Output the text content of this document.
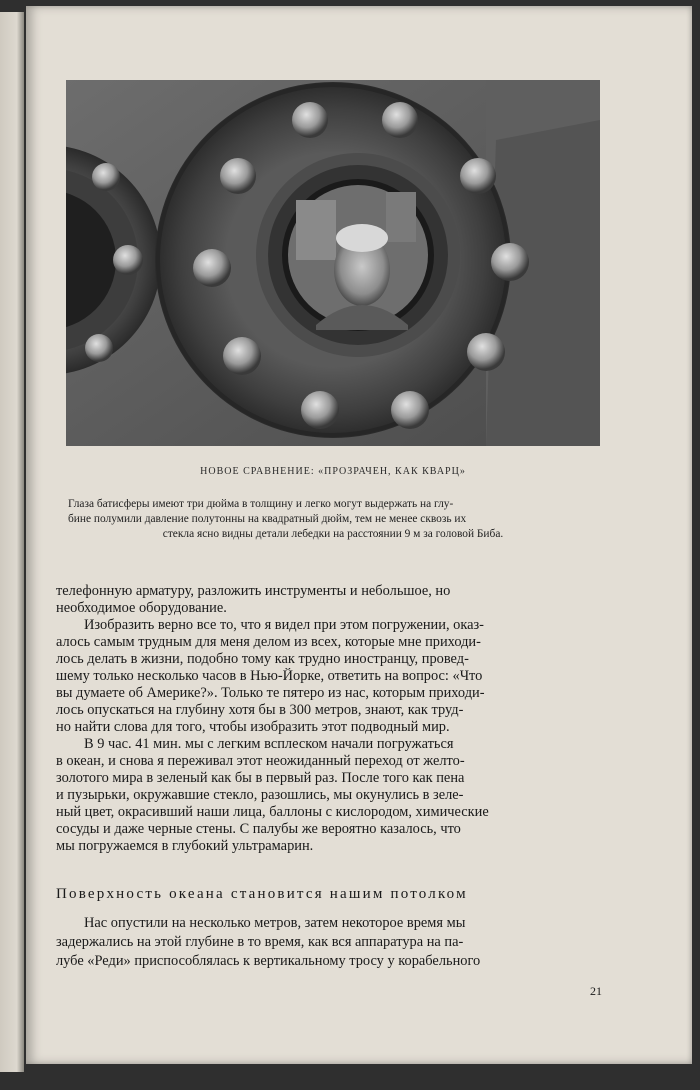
НОВОЕ СРАВНЕНИЕ: «ПРОЗРАЧЕН, КАК КВАРЦ»
Глаза батисферы имеют три дюйма в толщину и легко могут выдержать на глу-
бине полумили давление полутонны на квадратный дюйм, тем не менее сквозь их
стекла ясно видны детали лебедки на расстоянии 9 м за головой Биба.
телефонную арматуру, разложить инструменты и небольшое, но
необходимое оборудование.
Изобразить верно все то, что я видел при этом погружении, оказ-
алось самым трудным для меня делом из всех, которые мне приходи-
лось делать в жизни, подобно тому как трудно иностранцу, провед-
шему только несколько часов в Нью-Йорке, ответить на вопрос: «Что
вы думаете об Америке?». Только те пятеро из нас, которым приходи-
лось опускаться на глубину хотя бы в 300 метров, знают, как труд-
но найти слова для того, чтобы изобразить этот подводный мир.
В 9 час. 41 мин. мы с легким всплеском начали погружаться
в океан, и снова я переживал этот неожиданный переход от желто-
золотого мира в зеленый как бы в первый раз. После того как пена
и пузырьки, окружавшие стекло, разошлись, мы окунулись в зеле-
ный цвет, окрасивший наши лица, баллоны с кислородом, химические
сосуды и даже черные стены. С палубы же вероятно казалось, что
мы погружаемся в глубокий ультрамарин.
Поверхность океана становится нашим потолком
Нас опустили на несколько метров, затем некоторое время мы
задержались на этой глубине в то время, как вся аппаратура на па-
лубе «Реди» приспособлялась к вертикальному тросу у корабельного
21
